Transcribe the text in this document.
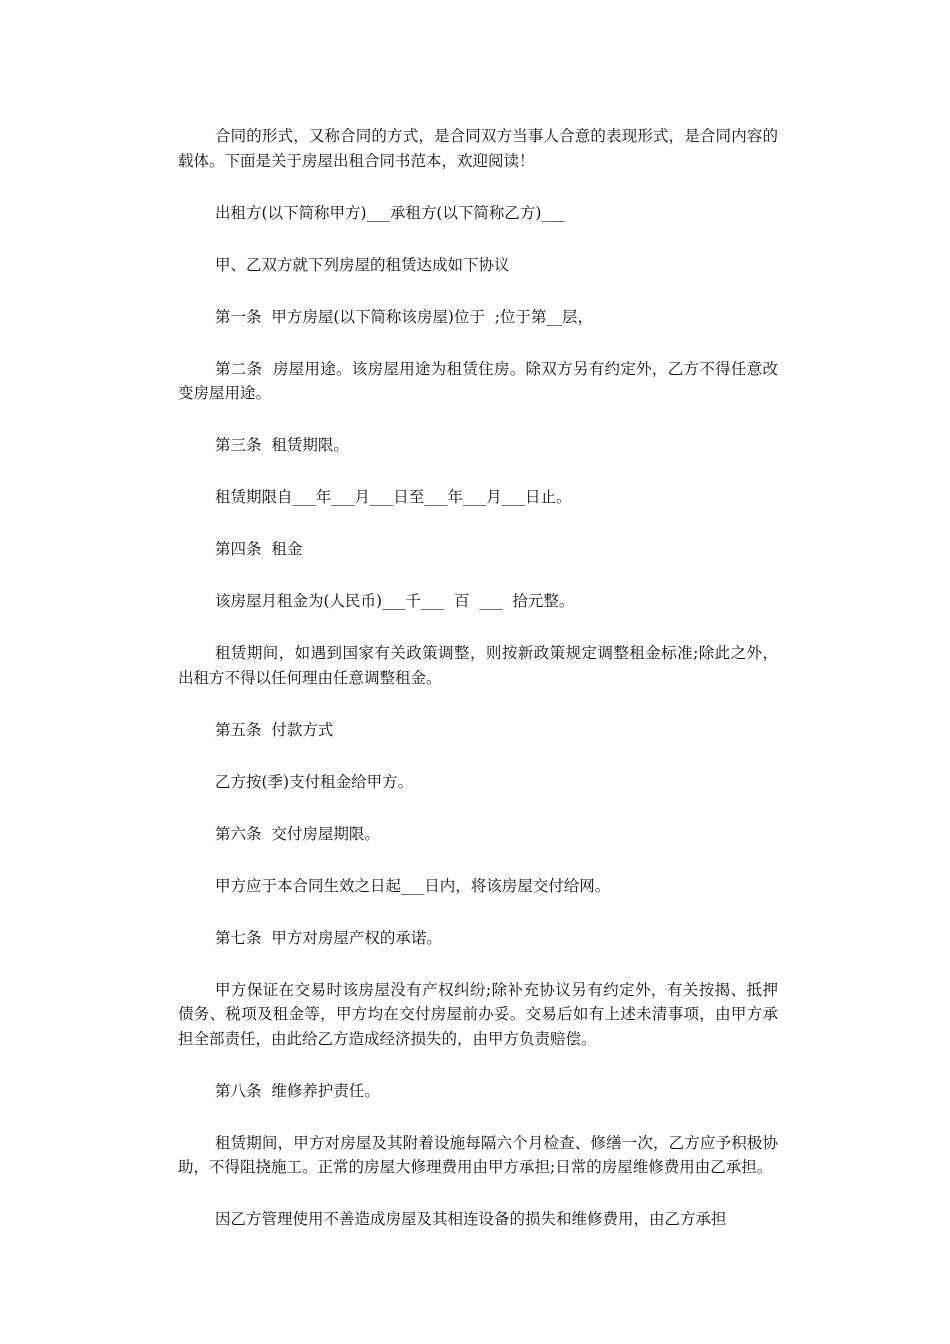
合同的形式，又称合同的方式，是合同双方当事人合意的表现形式，是合同内容的载体。下面是关于房屋出租合同书范本，欢迎阅读！

出租方(以下简称甲方)___承租方(以下简称乙方)___

甲、乙双方就下列房屋的租赁达成如下协议

第一条  甲方房屋(以下简称该房屋)位于  ;位于第__层，

第二条  房屋用途。该房屋用途为租赁住房。除双方另有约定外，乙方不得任意改变房屋用途。

第三条  租赁期限。

租赁期限自___年___月___日至___年___月___日止。

第四条  租金

该房屋月租金为(人民币)___千___  百  ___  拾元整。

租赁期间，如遇到国家有关政策调整，则按新政策规定调整租金标准;除此之外，出租方不得以任何理由任意调整租金。

第五条  付款方式

乙方按(季)支付租金给甲方。

第六条  交付房屋期限。

甲方应于本合同生效之日起___日内，将该房屋交付给网。

第七条  甲方对房屋产权的承诺。

甲方保证在交易时该房屋没有产权纠纷;除补充协议另有约定外，有关按揭、抵押债务、税项及租金等，甲方均在交付房屋前办妥。交易后如有上述未清事项，由甲方承担全部责任，由此给乙方造成经济损失的，由甲方负责赔偿。

第八条  维修养护责任。

租赁期间，甲方对房屋及其附着设施每隔六个月检查、修缮一次，乙方应予积极协助，不得阻挠施工。正常的房屋大修理费用由甲方承担;日常的房屋维修费用由乙承担。

因乙方管理使用不善造成房屋及其相连设备的损失和维修费用，由乙方承担
